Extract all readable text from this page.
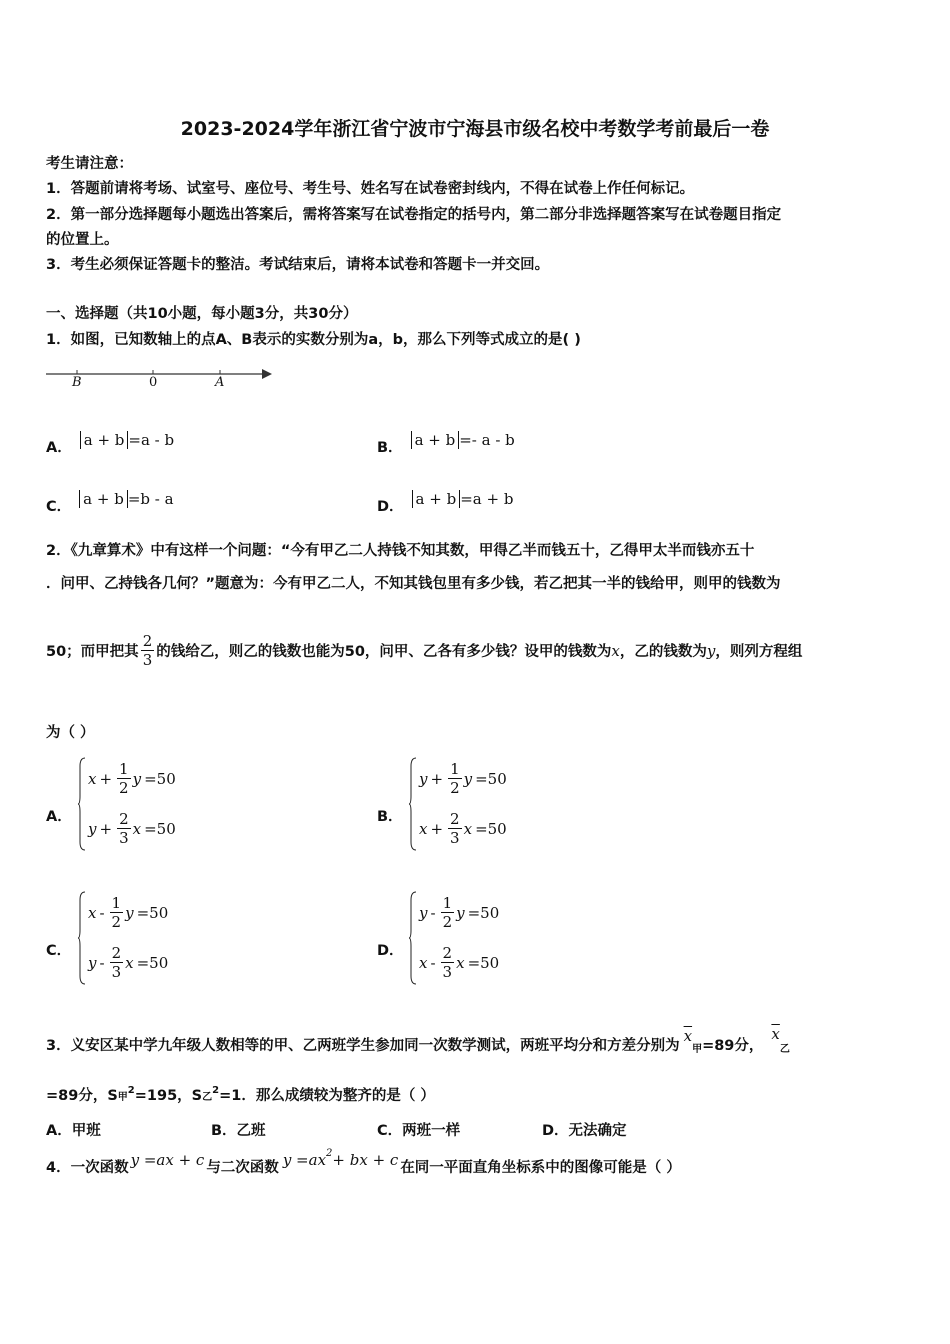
2023-2024学年浙江省宁波市宁海县市级名校中考数学考前最后一卷
考生请注意：
1．答题前请将考场、试室号、座位号、考生号、姓名写在试卷密封线内，不得在试卷上作任何标记。
2．第一部分选择题每小题选出答案后，需将答案写在试卷指定的括号内，第二部分非选择题答案写在试卷题目指定
的位置上。
3．考生必须保证答题卡的整洁。考试结束后，请将本试卷和答题卡一并交回。
一、选择题（共10小题，每小题3分，共30分）
1．如图，已知数轴上的点A、B表示的实数分别为a，b，那么下列等式成立的是( )
B	0	A
A． a + b =a - b	B． a + b =- a - b
C． a + b =b - a	D． a + b =a + b
2．《九章算术》中有这样一个问题：“今有甲乙二人持钱不知其数，甲得乙半而钱五十，乙得甲太半而钱亦五十
．问甲、乙持钱各几何？”题意为：今有甲乙二人，不知其钱包里有多少钱，若乙把其一半的钱给甲，则甲的钱数为
50；而甲把其 $\frac{2}{3}$ 的钱给乙，则乙的钱数也能为50，问甲、乙各有多少钱？设甲的钱数为 x ，乙的钱数为 y ，则列方程组
为（ ）
A．
$x + \frac{1}{2}$ y =50
$y + \frac{2}{3}$ x =50
B．
$y + \frac{1}{2}$ y =50
$x + \frac{2}{3}$ x =50
C．
x - $\frac{1}{2}$ y =50
y - $\frac{2}{3}$ x =50
D．
y - $\frac{1}{2}$ y =50
x - $\frac{2}{3}$ x =50
3．义安区某中学九年级人数相等的甲、乙两班学生参加同一次数学测试，两班平均分和方差分别为
$\overline{x}$
甲 =89分，
$\overline{x}$
乙
=89分，S 甲
2 =195，S 乙
2 =1．那么成绩较为整齐的是（ ）
A．甲班	B．乙班	C．两班一样	D．无法确定
4．一次函数 y =ax + c 与二次函数 y =ax 2 + bx + c 在同一平面直角坐标系中的图像可能是（ ）
